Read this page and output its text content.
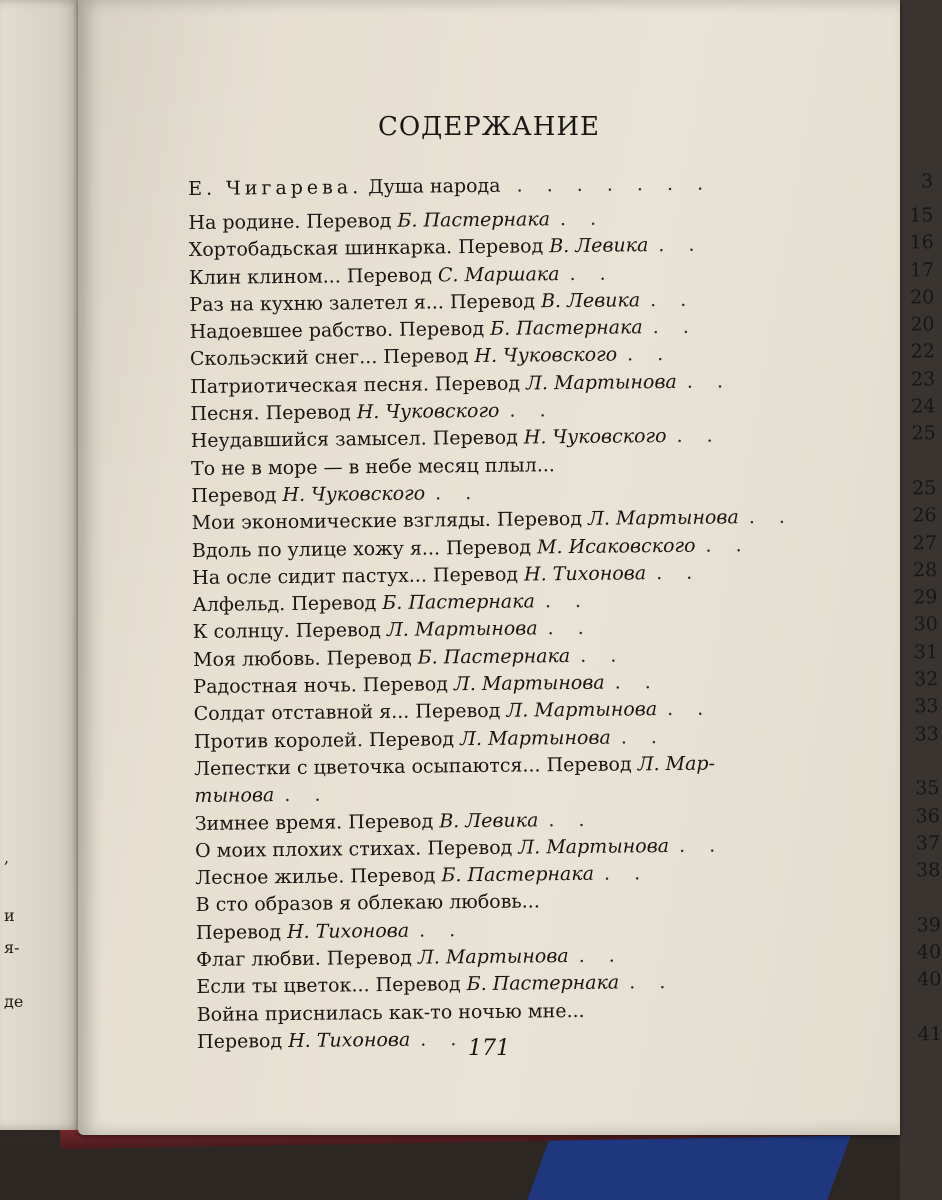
,
и
я-
де
СОДЕРЖАНИЕ
Е. Чигарева. Душа народа . . . . . . .	3
На родине. Перевод Б. Пастернака . .	15
Хортобадьская шинкарка. Перевод В. Левика . .	16
Клин клином... Перевод С. Маршака . .	17
Раз на кухню залетел я... Перевод В. Левика . .	20
Надоевшее рабство. Перевод Б. Пастернака . .	20
Скольэский снег... Перевод Н. Чуковского . .	22
Патриотическая песня. Перевод Л. Мартынова . .	23
Песня. Перевод Н. Чуковского . .	24
Неудавшийся замысел. Перевод Н. Чуковского . .	25
То не в море — в небе месяц плыл...
Перевод Н. Чуковского . .	25
Мои экономические взгляды. Перевод Л. Мартынова . .	26
Вдоль по улице хожу я... Перевод М. Исаковского . .	27
На осле сидит пастух... Перевод Н. Тихонова . .	28
Алфельд. Перевод Б. Пастернака . .	29
К солнцу. Перевод Л. Мартынова . .	30
Моя любовь. Перевод Б. Пастернака . .	31
Радостная ночь. Перевод Л. Мартынова . .	32
Солдат отставной я... Перевод Л. Мартынова . .	33
Против королей. Перевод Л. Мартынова . .	33
Лепестки с цветочка осыпаются... Перевод Л. Мар-
тынова . .	35
Зимнее время. Перевод В. Левика . .	36
О моих плохих стихах. Перевод Л. Мартынова . .	37
Лесное жилье. Перевод Б. Пастернака . .	38
В сто образов я облекаю любовь...
Перевод Н. Тихонова . .	39
Флаг любви. Перевод Л. Мартынова . .	40
Если ты цветок... Перевод Б. Пастернака . .	40
Война приснилась как-то ночью мне...
Перевод Н. Тихонова . .	41
171
